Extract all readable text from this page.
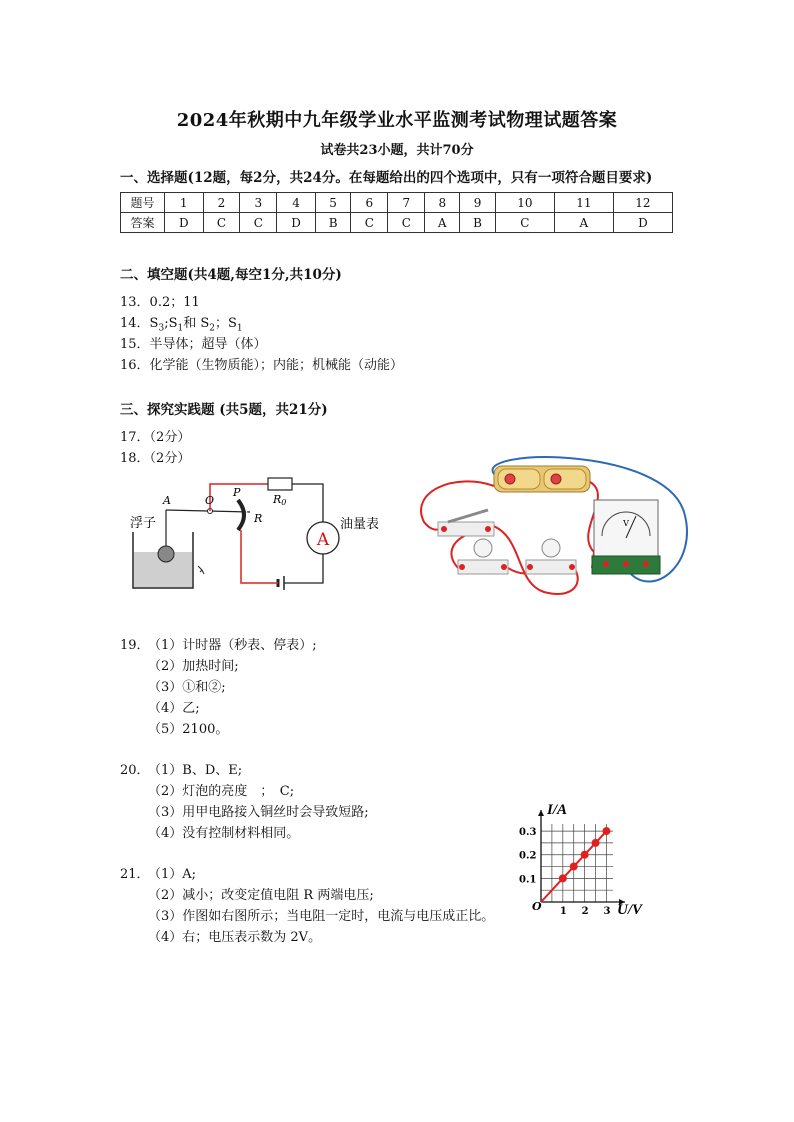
2024年秋期中九年级学业水平监测考试物理试题答案
试卷共23小题，共计70分
一、选择题(12题，每2分，共24分。在每题给出的四个选项中，只有一项符合题目要求)
题号	1	2	3	4	5	6	7	8	9	10	11	12
答案	D	C	C	D	B	C	C	A	B	C	A	D
二、填空题(共4题,每空1分,共10分)
13．0.2；11
14．$S_3;S_1$和 $S_2$；$S_1$
15．半导体；超导（体）
16．化学能（生物质能）；内能；机械能（动能）
三、探究实践题 (共5题，共21分)
17．（2分）
18．（2分）
A
A	O
P
R
R0
浮子	油量表	V
19．
（1）计时器（秒表、停表）;
（2）加热时间;
（3）①和②;
（4）乙;
（5）2100。
20．
（1）B、D、E;
（2）灯泡的亮度　；　C;
（3）用甲电路接入铜丝时会导致短路;
（4）没有控制材料相同。
21．
（1）A;
（2）减小；改变定值电阻 R 两端电压;
（3）作图如右图所示；当电阻一定时，电流与电压成正比。
（4）右；电压表示数为 2V。
1 2 3
0.1
0.2
0.3
I/A
U/V
O
